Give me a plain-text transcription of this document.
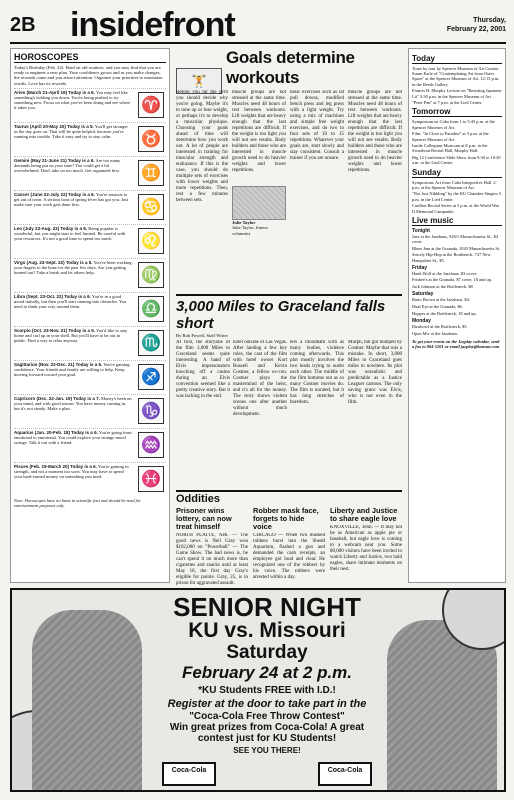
2B insidefront	Thursday,
February 22, 2001
HOROSCOPES
Today's Birthday (Feb. 22). Hard on old routines, and you may find that you are ready to engineer a new plan. Your confidence grows and as you make changes, the rewards come and you attract attention. Organize your priorities to maximize results. Love has its rewards.
Aries (March 21-April 19) Today is a 6. You may feel like something's holding you down. You're being pushed to try something new. Focus on what you've been doing and see where it takes you.	♈
Taurus (April 20-May 20) Today is a 5. You'll get stronger as the day goes on. That will be quite helpful, because you're running into trouble. Take it easy and try to stay calm.	♉
Gemini (May 21-June 21) Today is a 6. Are too many demands being put on your time? You could get a bit overwhelmed. Don't take on too much. Get organized first.	♊
Cancer (June 22-July 22) Today is a 6. You're anxious to get out of town. A serious bout of spring fever has got you. Just make sure your work gets done first.	♋
Leo (July 23-Aug. 22) Today is a 5. Being popular is wonderful, but you might start to feel limited. Be careful with your resources. It's not a good time to spend too much.	♌
Virgo (Aug. 23-Sept. 22) Today is a 5. You've been working your fingers to the bone for the past few days. Are you getting burned out? Take a break and let others help.	♍
Libra (Sept. 23-Oct. 22) Today is a 6. You're in a good mood initially, but then you'll start running into obstacles. You need to think your way around them.	♎
Scorpio (Oct. 23-Nov. 21) Today is a 5. You'd like to stay home and curl up in your shell. But you'll have to be out in public. Find a way to relax anyway.	♏
Sagittarius (Nov. 22-Dec. 21) Today is a 6. You're gaining confidence. Your friends and family are willing to help. Keep moving forward toward your goal.	♐
Capricorn (Dec. 22-Jan. 19) Today is a 7. Money's been on your mind, and with good reason. You have money coming in, but it's not steady. Make a plan.	♑
Aquarius (Jan. 20-Feb. 18) Today is a 6. You're going from emotional to emotional. You could explore your strange mood swings. Talk it out with a friend.	♒
Pisces (Feb. 19-March 20) Today is a 6. You're gaining in strength, and not a moment too soon. You may have to spend your hard-earned money on something you need.	♓
Note: Horoscopes have no basis in scientific fact and should be read for entertainment purposes only.
Goals determine workouts
🏋
Before you hit the gym you should decide why you're going. Maybe it's to tone up or lose weight, or perhaps it's to develop a muscular physique. Choosing your goals ahead of time will determine how you work out. A lot of people are interested in training for muscular strength and endurance. If this is the case, you should do multiple sets of exercises with lower weights and more repetitions. Then, rest a few minutes between sets.
Julie Taylor
Julie Taylor, fitness columnist
muscle groups are not stressed at the same time. Muscles need 48 hours of rest between workouts. Lift weights that are heavy enough that the last repetitions are difficult. If the weight is too light you will not see results. Body builders and those who are interested in muscle growth need to do heavier weights and lower repetitions.
basic exercises such as lat pull downs, modified bench press and leg press with a light weight. Try using a mix of machines and simple free weight exercises, and do two to four sets of 10 to 15 repetitions. Whatever your goals are, start slowly and stay consistent. Consult a trainer if you are unsure.
muscle groups are not stressed at the same time. Muscles need 48 hours of rest between workouts. Lift weights that are heavy enough that the last repetitions are difficult. If the weight is too light you will not see results. Body builders and those who are interested in muscle growth need to do heavier weights and lower repetitions.
3,000 Miles to Graceland falls short
By Rob Powell, Staff Writer
At first, the storyline of the film 3,000 Miles to Graceland seems quite interesting. A band of Elvis impersonators knocking off a casino during an Elvis convention seemed like a pretty creative story. But it was lacking in the end.
hotel outside of Las Vegas. After landing a few key roles, the cast of the film with hotel owner Kurt Russell and Kevin Costner, a fellow ex-con. Costner plays the mastermind of the heist, and it's all for the money. The story shows violent scenes one after another without much development.
ters a bloodbath with as many bodies, violence coming afterwards. This plot mostly involves the two leads trying to outdo each other. The middle of the film bottoms out as so many Costner movies do. The film is unrated, but it has long stretches of boredom.
Murph, but got bumped by Costner. Maybe that was a mistake. In short, 3,000 Miles to Graceland goes miles to nowhere. Its plot was unrealistic and predictable as a Justice Leaguer cartoon. The only saving grace was Elvis, who is not even in the film.
Oddities
Prisoner wins lottery, can now treat himself
NORTH PLATTE, Neb. — The good news is Neil Gray won $102,000 on "Powerball" — The Game Show. The bad news is, he can't spend it on much more than cigarettes and snacks until at least May 18, the first day Gray's eligible for parole. Gray, 25, is in prison for aggravated assault.
Robber mask face, forgets to hide voice
CHICAGO — When two masked robbers burst into the Shedd Aquarium, flashed a gun and demanded the cash receipts, an employee got loud and clear. He recognized one of the robbers by his voice. The robbers were arrested within a day.
Liberty and Justice to share eagle love
KNOXVILLE, Tenn. — It may not be as American as apple pie or baseball, but eagle love is coming to a webcam near you. Some 80,000 visitors have been invited to watch Liberty and Justice, two bald eagles, share intimate moments on their nest.
Today
Tours by tour by Spencer Museum of Art Curator Susan Earle of "Contemplating Art from Outer Space" at the Spencer Museum of Art, 12:15 p.m. in the Reeds Gallery.
Francis H. Murphy Lecture on "Resisting Japanese Lit" 3:30 p.m. in the Spencer Museum of Art.
"Peter Pan" at 7 p.m. at the Lied Center.
Tomorrow
Symposium on Cuba from 1 to 5:45 p.m. at the Spencer Museum of Art.
Film: "In Close to Paradise" at 3 p.m. at the Spencer Museum of Art.
Inside Collegium Musicum at 8 p.m. in the Swarthout Recital Hall, Murphy Hall.
Big 12 Conference Slide Show from 9:30 to 10:30 a.m. at the Lied Center.
Sunday
Symposium: Art from Cuba Interpretive Hall. 2 p.m. at the Spencer Museum of Art.
"Not Just Nibbling" by the KU Chamber Singers 3 p.m. in the Lied Center.
Carillon Recital Series at 5 p.m. at the World War II Memorial Campanile.
Live music
Tonight
Jazz at the Jazzhaus, 926½ Massachusetts St., $4 cover.
Blues Jam at the Granada, 1020 Massachusetts St.
Strictly Hip-Hop at the Bottleneck, 737 New Hampshire St., $5.
Friday
Hank Wolf at the Jazzhaus, $3 cover.
Frisbee's at the Granada, $7 cover, 18 and up.
Jack Johnson at the Bottleneck, $8.
Saturday
Barto Brown at the Jazzhaus, $4.
Dual Eye at the Granada, $6.
Hopper at the Bottleneck, 18 and up.
Monday
Dustbowl at the Bottleneck, $5.
Open Mic at the Jazzhaus.
To get your events on the Jayplay calendar, send a fax to 864-5261 or email jayplay@kansan.com
SENIOR NIGHT
KU vs. Missouri
Saturday
February 24 at 2 p.m.
*KU Students FREE with I.D.!
Register at the door to take part in the
"Coca-Cola Free Throw Contest"
Win great prizes from Coca-Cola! A great contest just for KU Students!
SEE YOU THERE!
Coca-Cola	Coca-Cola
